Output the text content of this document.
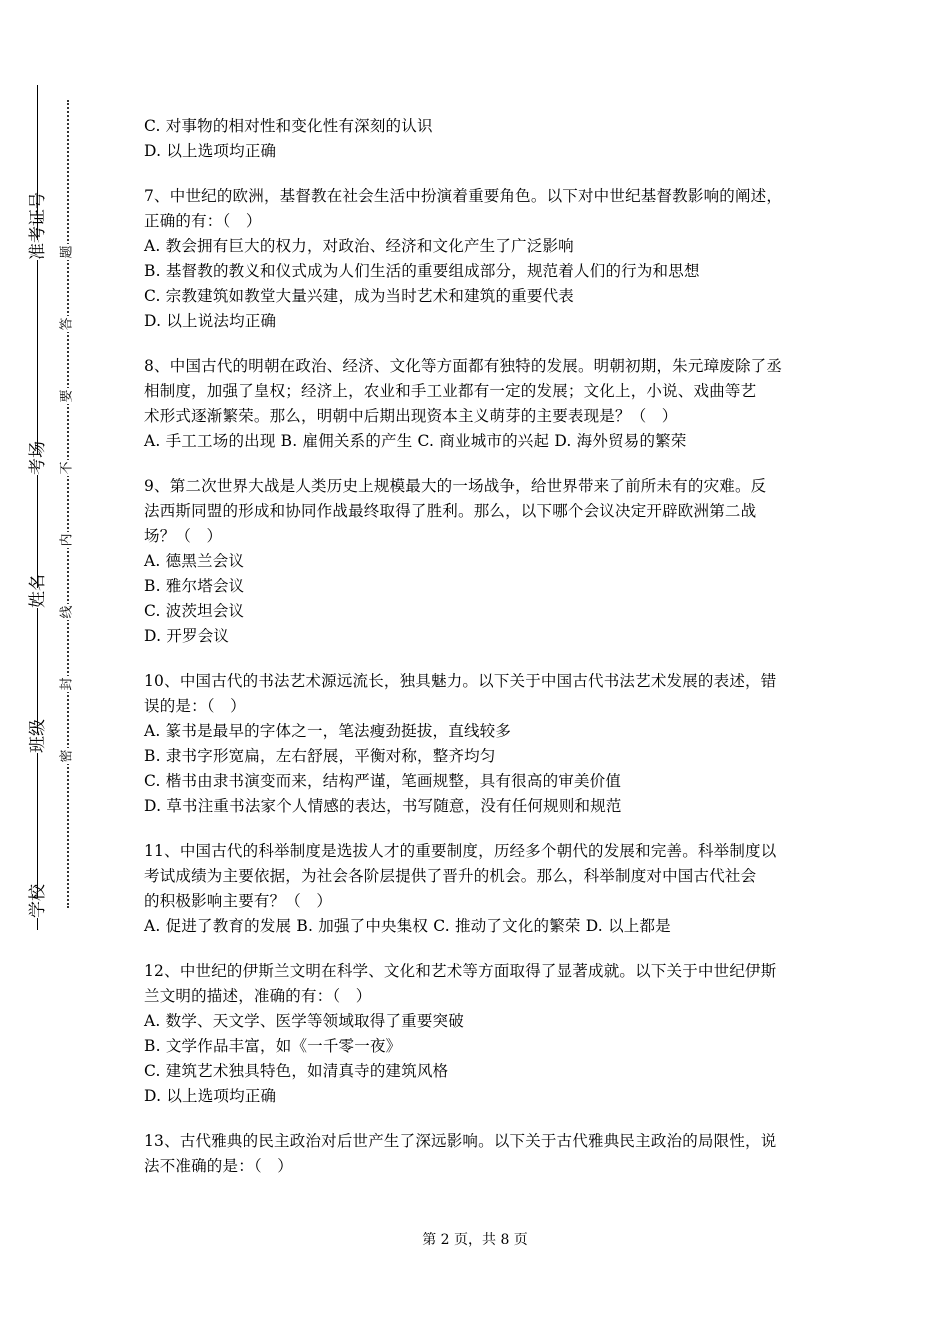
准考证号
考场
姓名
班级
学校
题
答
要
不
内
线
封
密
C. 对事物的相对性和变化性有深刻的认识
D. 以上选项均正确
7、中世纪的欧洲，基督教在社会生活中扮演着重要角色。以下对中世纪基督教影响的阐述，
正确的有：（   ）
A. 教会拥有巨大的权力，对政治、经济和文化产生了广泛影响
B. 基督教的教义和仪式成为人们生活的重要组成部分，规范着人们的行为和思想
C. 宗教建筑如教堂大量兴建，成为当时艺术和建筑的重要代表
D. 以上说法均正确
8、中国古代的明朝在政治、经济、文化等方面都有独特的发展。明朝初期，朱元璋废除了丞
相制度，加强了皇权；经济上，农业和手工业都有一定的发展；文化上，小说、戏曲等艺
术形式逐渐繁荣。那么，明朝中后期出现资本主义萌芽的主要表现是？（   ）
A. 手工工场的出现 B. 雇佣关系的产生 C. 商业城市的兴起 D. 海外贸易的繁荣
9、第二次世界大战是人类历史上规模最大的一场战争，给世界带来了前所未有的灾难。反
法西斯同盟的形成和协同作战最终取得了胜利。那么，以下哪个会议决定开辟欧洲第二战
场？（   ）
A. 德黑兰会议
B. 雅尔塔会议
C. 波茨坦会议
D. 开罗会议
10、中国古代的书法艺术源远流长，独具魅力。以下关于中国古代书法艺术发展的表述，错
误的是：（   ）
A. 篆书是最早的字体之一，笔法瘦劲挺拔，直线较多
B. 隶书字形宽扁，左右舒展，平衡对称，整齐均匀
C. 楷书由隶书演变而来，结构严谨，笔画规整，具有很高的审美价值
D. 草书注重书法家个人情感的表达，书写随意，没有任何规则和规范
11、中国古代的科举制度是选拔人才的重要制度，历经多个朝代的发展和完善。科举制度以
考试成绩为主要依据，为社会各阶层提供了晋升的机会。那么，科举制度对中国古代社会
的积极影响主要有？（   ）
A. 促进了教育的发展 B. 加强了中央集权 C. 推动了文化的繁荣 D. 以上都是
12、中世纪的伊斯兰文明在科学、文化和艺术等方面取得了显著成就。以下关于中世纪伊斯
兰文明的描述，准确的有：（   ）
A. 数学、天文学、医学等领域取得了重要突破
B. 文学作品丰富，如《一千零一夜》
C. 建筑艺术独具特色，如清真寺的建筑风格
D. 以上选项均正确
13、古代雅典的民主政治对后世产生了深远影响。以下关于古代雅典民主政治的局限性，说
法不准确的是：（   ）
第 2 页，共 8 页
